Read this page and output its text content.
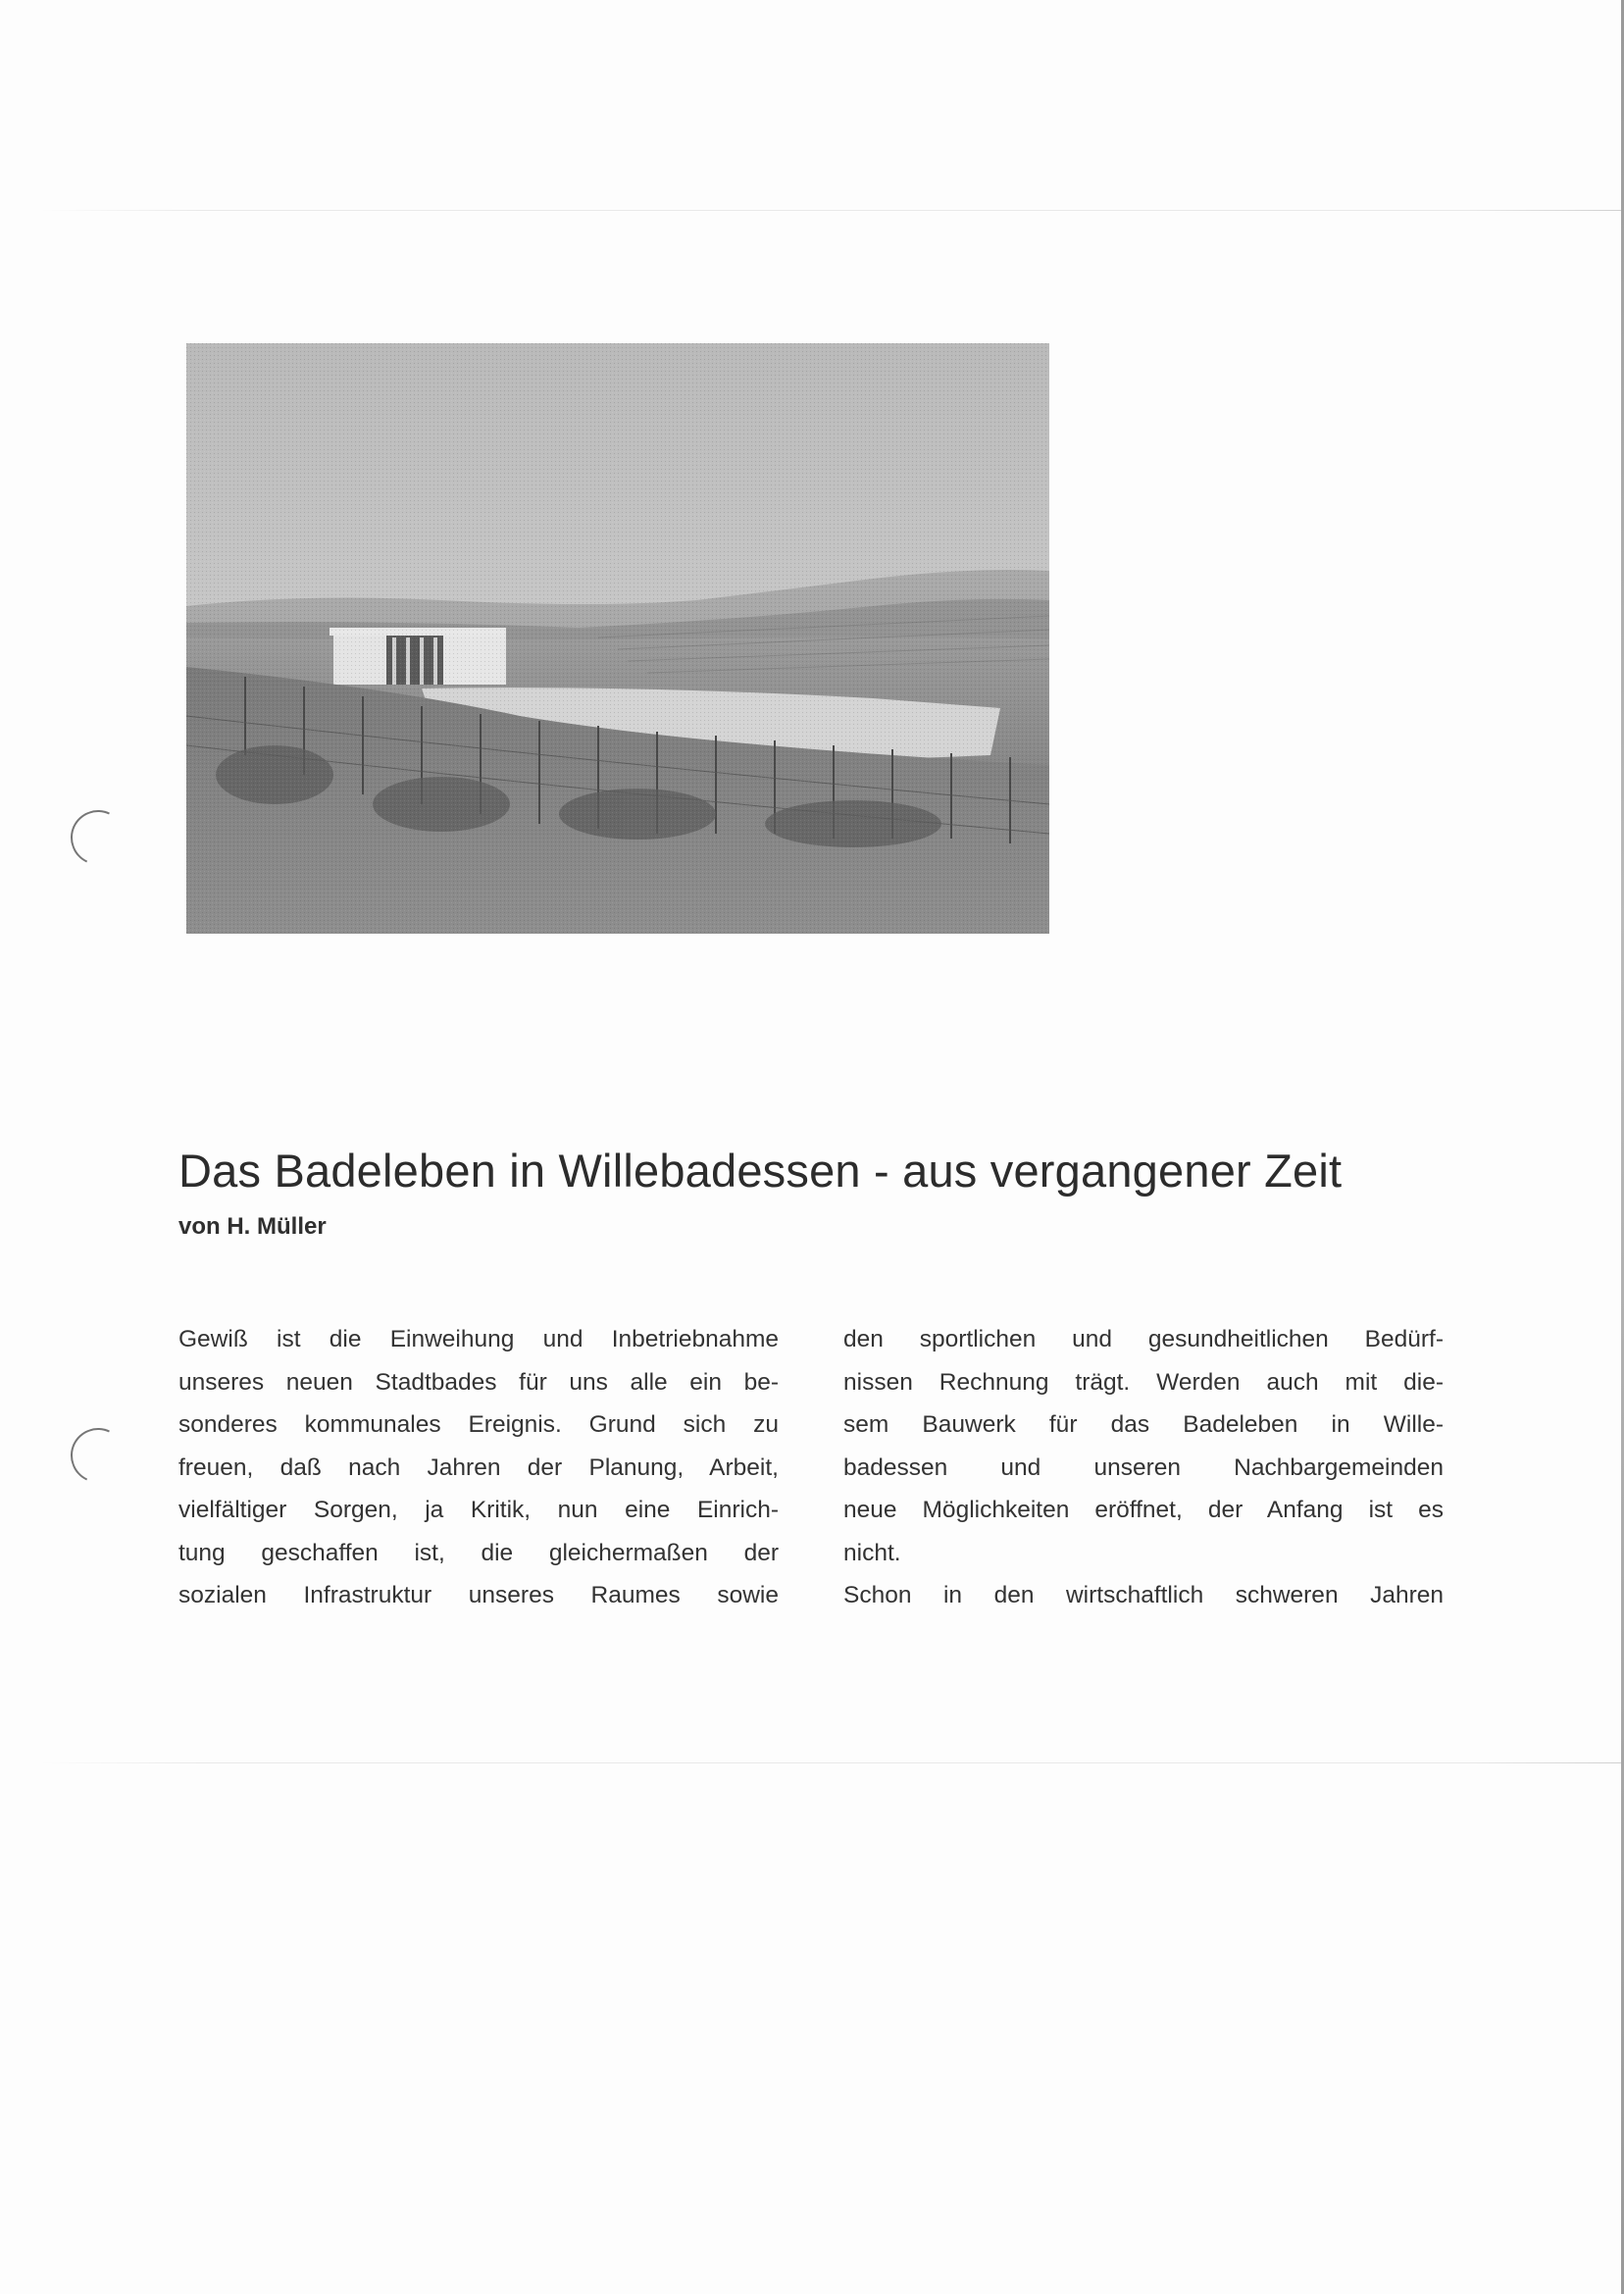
Das Badeleben in Willebadessen - aus vergangener Zeit

von H. Müller

Gewiß ist die Einweihung und Inbetriebnahme
unseres neuen Stadtbades für uns alle ein be-
sonderes kommunales Ereignis. Grund sich zu
freuen, daß nach Jahren der Planung, Arbeit,
vielfältiger Sorgen, ja Kritik, nun eine Einrich-
tung geschaffen ist, die gleichermaßen der
sozialen Infrastruktur unseres Raumes sowie
den sportlichen und gesundheitlichen Bedürf-
nissen Rechnung trägt. Werden auch mit die-
sem Bauwerk für das Badeleben in Wille-
badessen und unseren Nachbargemeinden
neue Möglichkeiten eröffnet, der Anfang ist es
nicht.
Schon in den wirtschaftlich schweren Jahren
